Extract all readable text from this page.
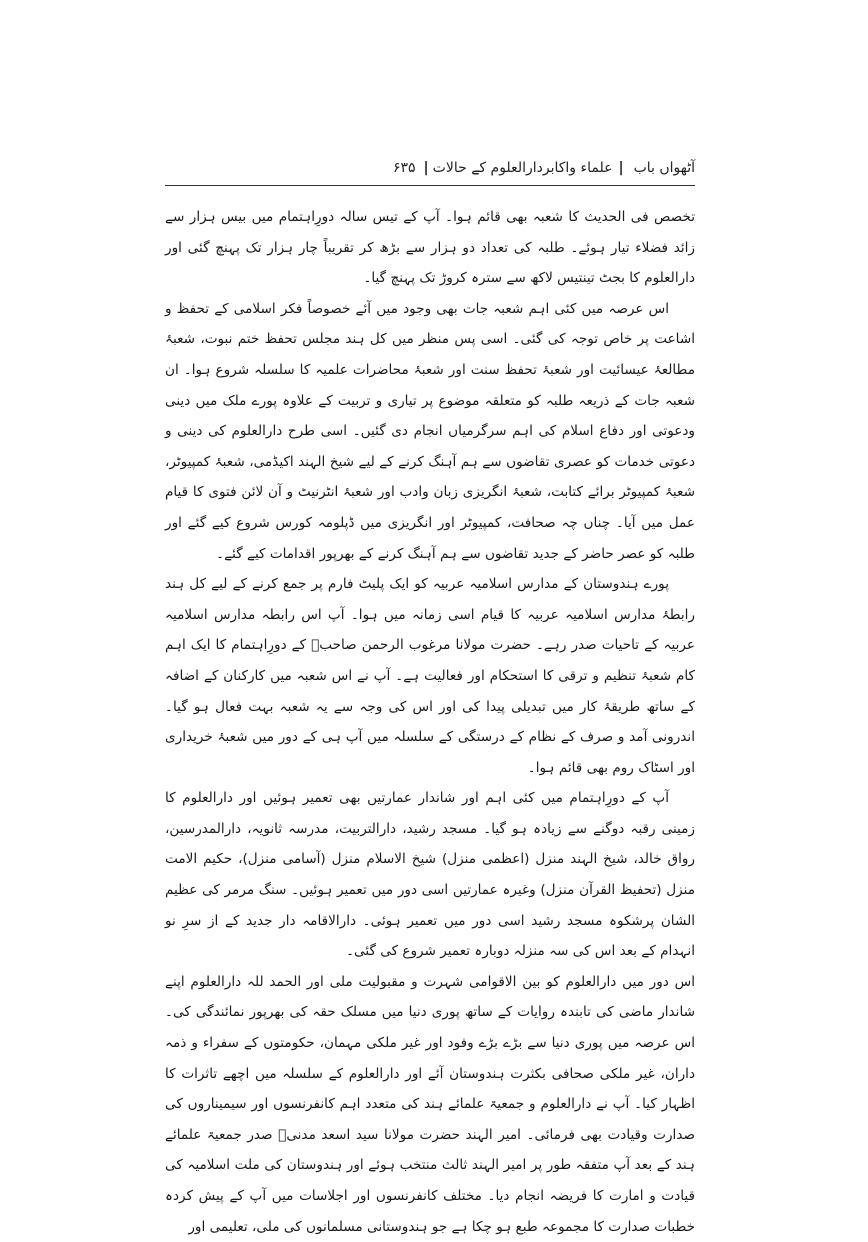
آٹھواں باب
|
علماء واکابردارالعلوم کے حالات
|
۶۳۵

تخصص فی الحدیث کا شعبہ بھی قائم ہوا۔ آپ کے تیس سالہ دورِاہتمام میں بیس ہزار سے زائد فضلاء تیار ہوئے۔ طلبہ کی تعداد دو ہزار سے بڑھ کر تقریباً چار ہزار تک پہنچ گئی اور دارالعلوم کا بجٹ تینتیس لاکھ سے سترہ کروڑ تک پہنچ گیا۔

اس عرصہ میں کئی اہم شعبہ جات بھی وجود میں آئے خصوصاً فکر اسلامی کے تحفظ و اشاعت پر خاص توجہ کی گئی۔ اسی پس منظر میں کل ہند مجلس تحفظ ختم نبوت، شعبۂ مطالعۂ عیسائیت اور شعبۂ تحفظ سنت اور شعبۂ محاضرات علمیہ کا سلسلہ شروع ہوا۔ ان شعبہ جات کے ذریعہ طلبہ کو متعلقہ موضوع پر تیاری و تربیت کے علاوہ پورے ملک میں دینی ودعوتی اور دفاع اسلام کی اہم سرگرمیاں انجام دی گئیں۔ اسی طرح دارالعلوم کی دینی و دعوتی خدمات کو عصری تقاضوں سے ہم آہنگ کرنے کے لیے شیخ الہند اکیڈمی، شعبۂ کمپیوٹر، شعبۂ کمپیوٹر برائے کتابت، شعبۂ انگریزی زبان وادب اور شعبۂ انٹرنیٹ و آن لائن فتوی کا قیام عمل میں آیا۔ چناں چہ صحافت، کمپیوٹر اور انگریزی میں ڈپلومہ کورس شروع کیے گئے اور طلبہ کو عصر حاضر کے جدید تقاضوں سے ہم آہنگ کرنے کے بھرپور اقدامات کیے گئے۔

پورے ہندوستان کے مدارس اسلامیہ عربیہ کو ایک پلیٹ فارم پر جمع کرنے کے لیے کل ہند رابطۂ مدارس اسلامیہ عربیہ کا قیام اسی زمانہ میں ہوا۔ آپ اس رابطہ مدارس اسلامیہ عربیہ کے تاحیات صدر رہے۔ حضرت مولانا مرغوب الرحمن صاحبؒ کے دورِاہتمام کا ایک اہم کام شعبۂ تنظیم و ترقی کا استحکام اور فعالیت ہے۔ آپ نے اس شعبہ میں کارکنان کے اضافہ کے ساتھ طریقۂ کار میں تبدیلی پیدا کی اور اس کی وجہ سے یہ شعبہ بہت فعال ہو گیا۔ اندرونی آمد و صرف کے نظام کے درستگی کے سلسلہ میں آپ ہی کے دور میں شعبۂ خریداری اور اسٹاک روم بھی قائم ہوا۔

آپ کے دورِاہتمام میں کئی اہم اور شاندار عمارتیں بھی تعمیر ہوئیں اور دارالعلوم کا زمینی رقبہ دوگنے سے زیادہ ہو گیا۔ مسجد رشید، دارالتربیت، مدرسہ ثانویہ، دارالمدرسین، رواق خالد، شیخ الہند منزل (اعظمی منزل) شیخ الاسلام منزل (آسامی منزل)، حکیم الامت منزل (تحفیظ القرآن منزل) وغیرہ عمارتیں اسی دور میں تعمیر ہوئیں۔ سنگ مرمر کی عظیم الشان پرشکوہ مسجد رشید اسی دور میں تعمیر ہوئی۔ دارالاقامہ دار جدید کے از سرِ نو انہدام کے بعد اس کی سہ منزلہ دوبارہ تعمیر شروع کی گئی۔

اس دور میں دارالعلوم کو بین الاقوامی شہرت و مقبولیت ملی اور الحمد للہ دارالعلوم اپنے شاندار ماضی کی تابندہ روایات کے ساتھ پوری دنیا میں مسلک حقہ کی بھرپور نمائندگی کی۔ اس عرصہ میں پوری دنیا سے بڑے بڑے وفود اور غیر ملکی مہمان، حکومتوں کے سفراء و ذمہ داران، غیر ملکی صحافی بکثرت ہندوستان آئے اور دارالعلوم کے سلسلہ میں اچھے تاثرات کا اظہار کیا۔ آپ نے دارالعلوم و جمعیۃ علمائے ہند کی متعدد اہم کانفرنسوں اور سیمیناروں کی صدارت وقیادت بھی فرمائی۔ امیر الہند حضرت مولانا سید اسعد مدنیؒ صدر جمعیۃ علمائے ہند کے بعد آپ متفقہ طور پر امیر الہند ثالث منتخب ہوئے اور ہندوستان کی ملت اسلامیہ کی قیادت و امارت کا فریضہ انجام دیا۔ مختلف کانفرنسوں اور اجلاسات میں آپ کے پیش کردہ خطبات صدارت کا مجموعہ طبع ہو چکا ہے جو ہندوستانی مسلمانوں کی ملی، تعلیمی اور
